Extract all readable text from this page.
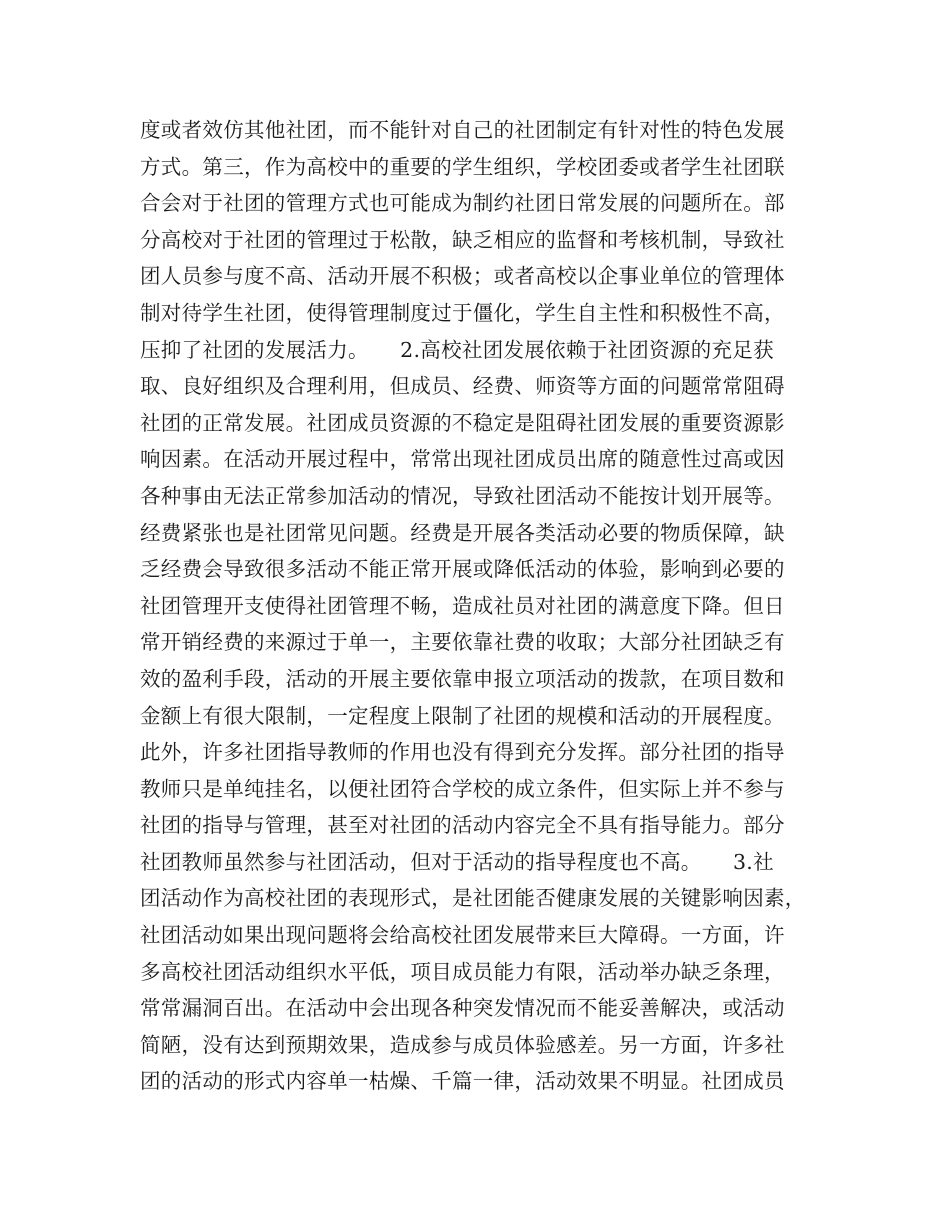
度或者效仿其他社团，而不能针对自己的社团制定有针对性的特色发展
方式。第三，作为高校中的重要的学生组织，学校团委或者学生社团联
合会对于社团的管理方式也可能成为制约社团日常发展的问题所在。部
分高校对于社团的管理过于松散，缺乏相应的监督和考核机制，导致社
团人员参与度不高、活动开展不积极；或者高校以企事业单位的管理体
制对待学生社团，使得管理制度过于僵化，学生自主性和积极性不高，
压抑了社团的发展活力。　　2.高校社团发展依赖于社团资源的充足获
取、良好组织及合理利用，但成员、经费、师资等方面的问题常常阻碍
社团的正常发展。社团成员资源的不稳定是阻碍社团发展的重要资源影
响因素。在活动开展过程中，常常出现社团成员出席的随意性过高或因
各种事由无法正常参加活动的情况，导致社团活动不能按计划开展等。
经费紧张也是社团常见问题。经费是开展各类活动必要的物质保障，缺
乏经费会导致很多活动不能正常开展或降低活动的体验，影响到必要的
社团管理开支使得社团管理不畅，造成社员对社团的满意度下降。但日
常开销经费的来源过于单一，主要依靠社费的收取；大部分社团缺乏有
效的盈利手段，活动的开展主要依靠申报立项活动的拨款，在项目数和
金额上有很大限制，一定程度上限制了社团的规模和活动的开展程度。
此外，许多社团指导教师的作用也没有得到充分发挥。部分社团的指导
教师只是单纯挂名，以便社团符合学校的成立条件，但实际上并不参与
社团的指导与管理，甚至对社团的活动内容完全不具有指导能力。部分
社团教师虽然参与社团活动，但对于活动的指导程度也不高。　　3.社
团活动作为高校社团的表现形式，是社团能否健康发展的关键影响因素，
社团活动如果出现问题将会给高校社团发展带来巨大障碍。一方面，许
多高校社团活动组织水平低，项目成员能力有限，活动举办缺乏条理，
常常漏洞百出。在活动中会出现各种突发情况而不能妥善解决，或活动
简陋，没有达到预期效果，造成参与成员体验感差。另一方面，许多社
团的活动的形式内容单一枯燥、千篇一律，活动效果不明显。社团成员
